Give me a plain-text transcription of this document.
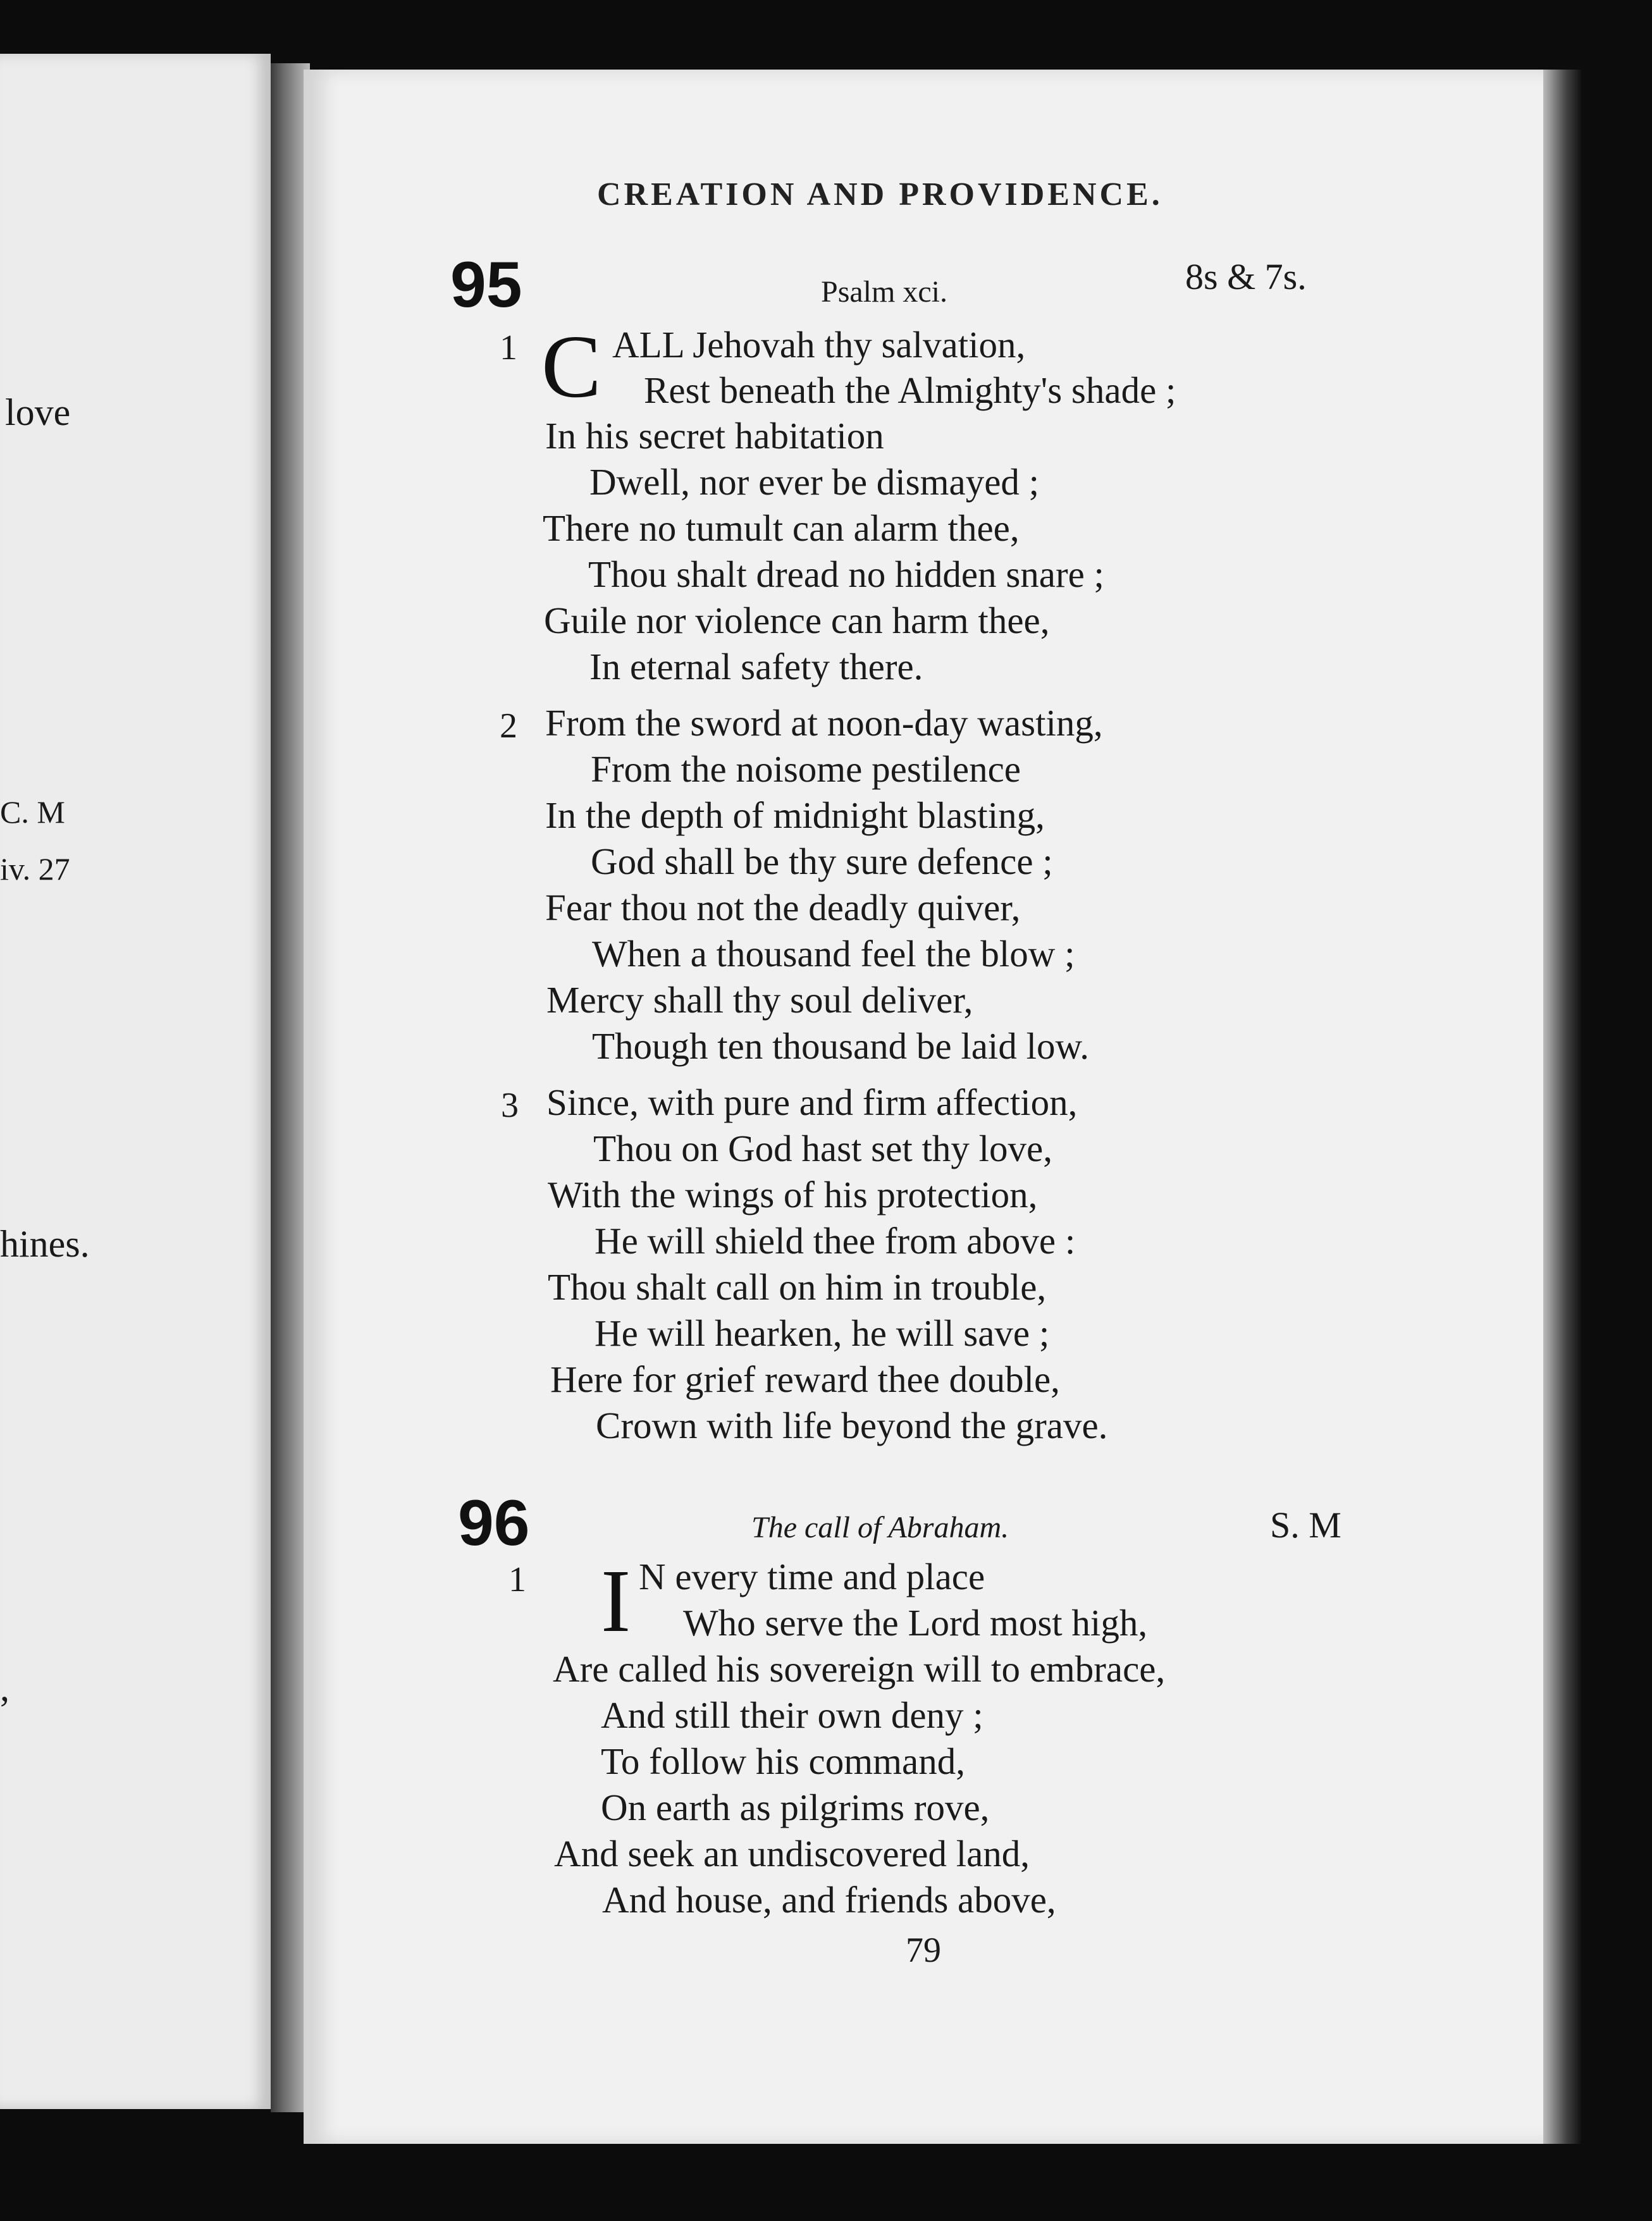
love
C. M
iv. 27
hines.
,
CREATION AND PROVIDENCE.
95	Psalm xci.	8s & 7s.
1 C ALL Jehovah thy salvation,
Rest beneath the Almighty's shade ;
In his secret habitation
Dwell, nor ever be dismayed ;
There no tumult can alarm thee,
Thou shalt dread no hidden snare ;
Guile nor violence can harm thee,
In eternal safety there.
2 From the sword at noon-day wasting,
From the noisome pestilence
In the depth of midnight blasting,
God shall be thy sure defence ;
Fear thou not the deadly quiver,
When a thousand feel the blow ;
Mercy shall thy soul deliver,
Though ten thousand be laid low.
3 Since, with pure and firm affection,
Thou on God hast set thy love,
With the wings of his protection,
He will shield thee from above :
Thou shalt call on him in trouble,
He will hearken, he will save ;
Here for grief reward thee double,
Crown with life beyond the grave.
96	The call of Abraham.	S. M
1 I N every time and place
Who serve the Lord most high,
Are called his sovereign will to embrace,
And still their own deny ;
To follow his command,
On earth as pilgrims rove,
And seek an undiscovered land,
And house, and friends above,
79
